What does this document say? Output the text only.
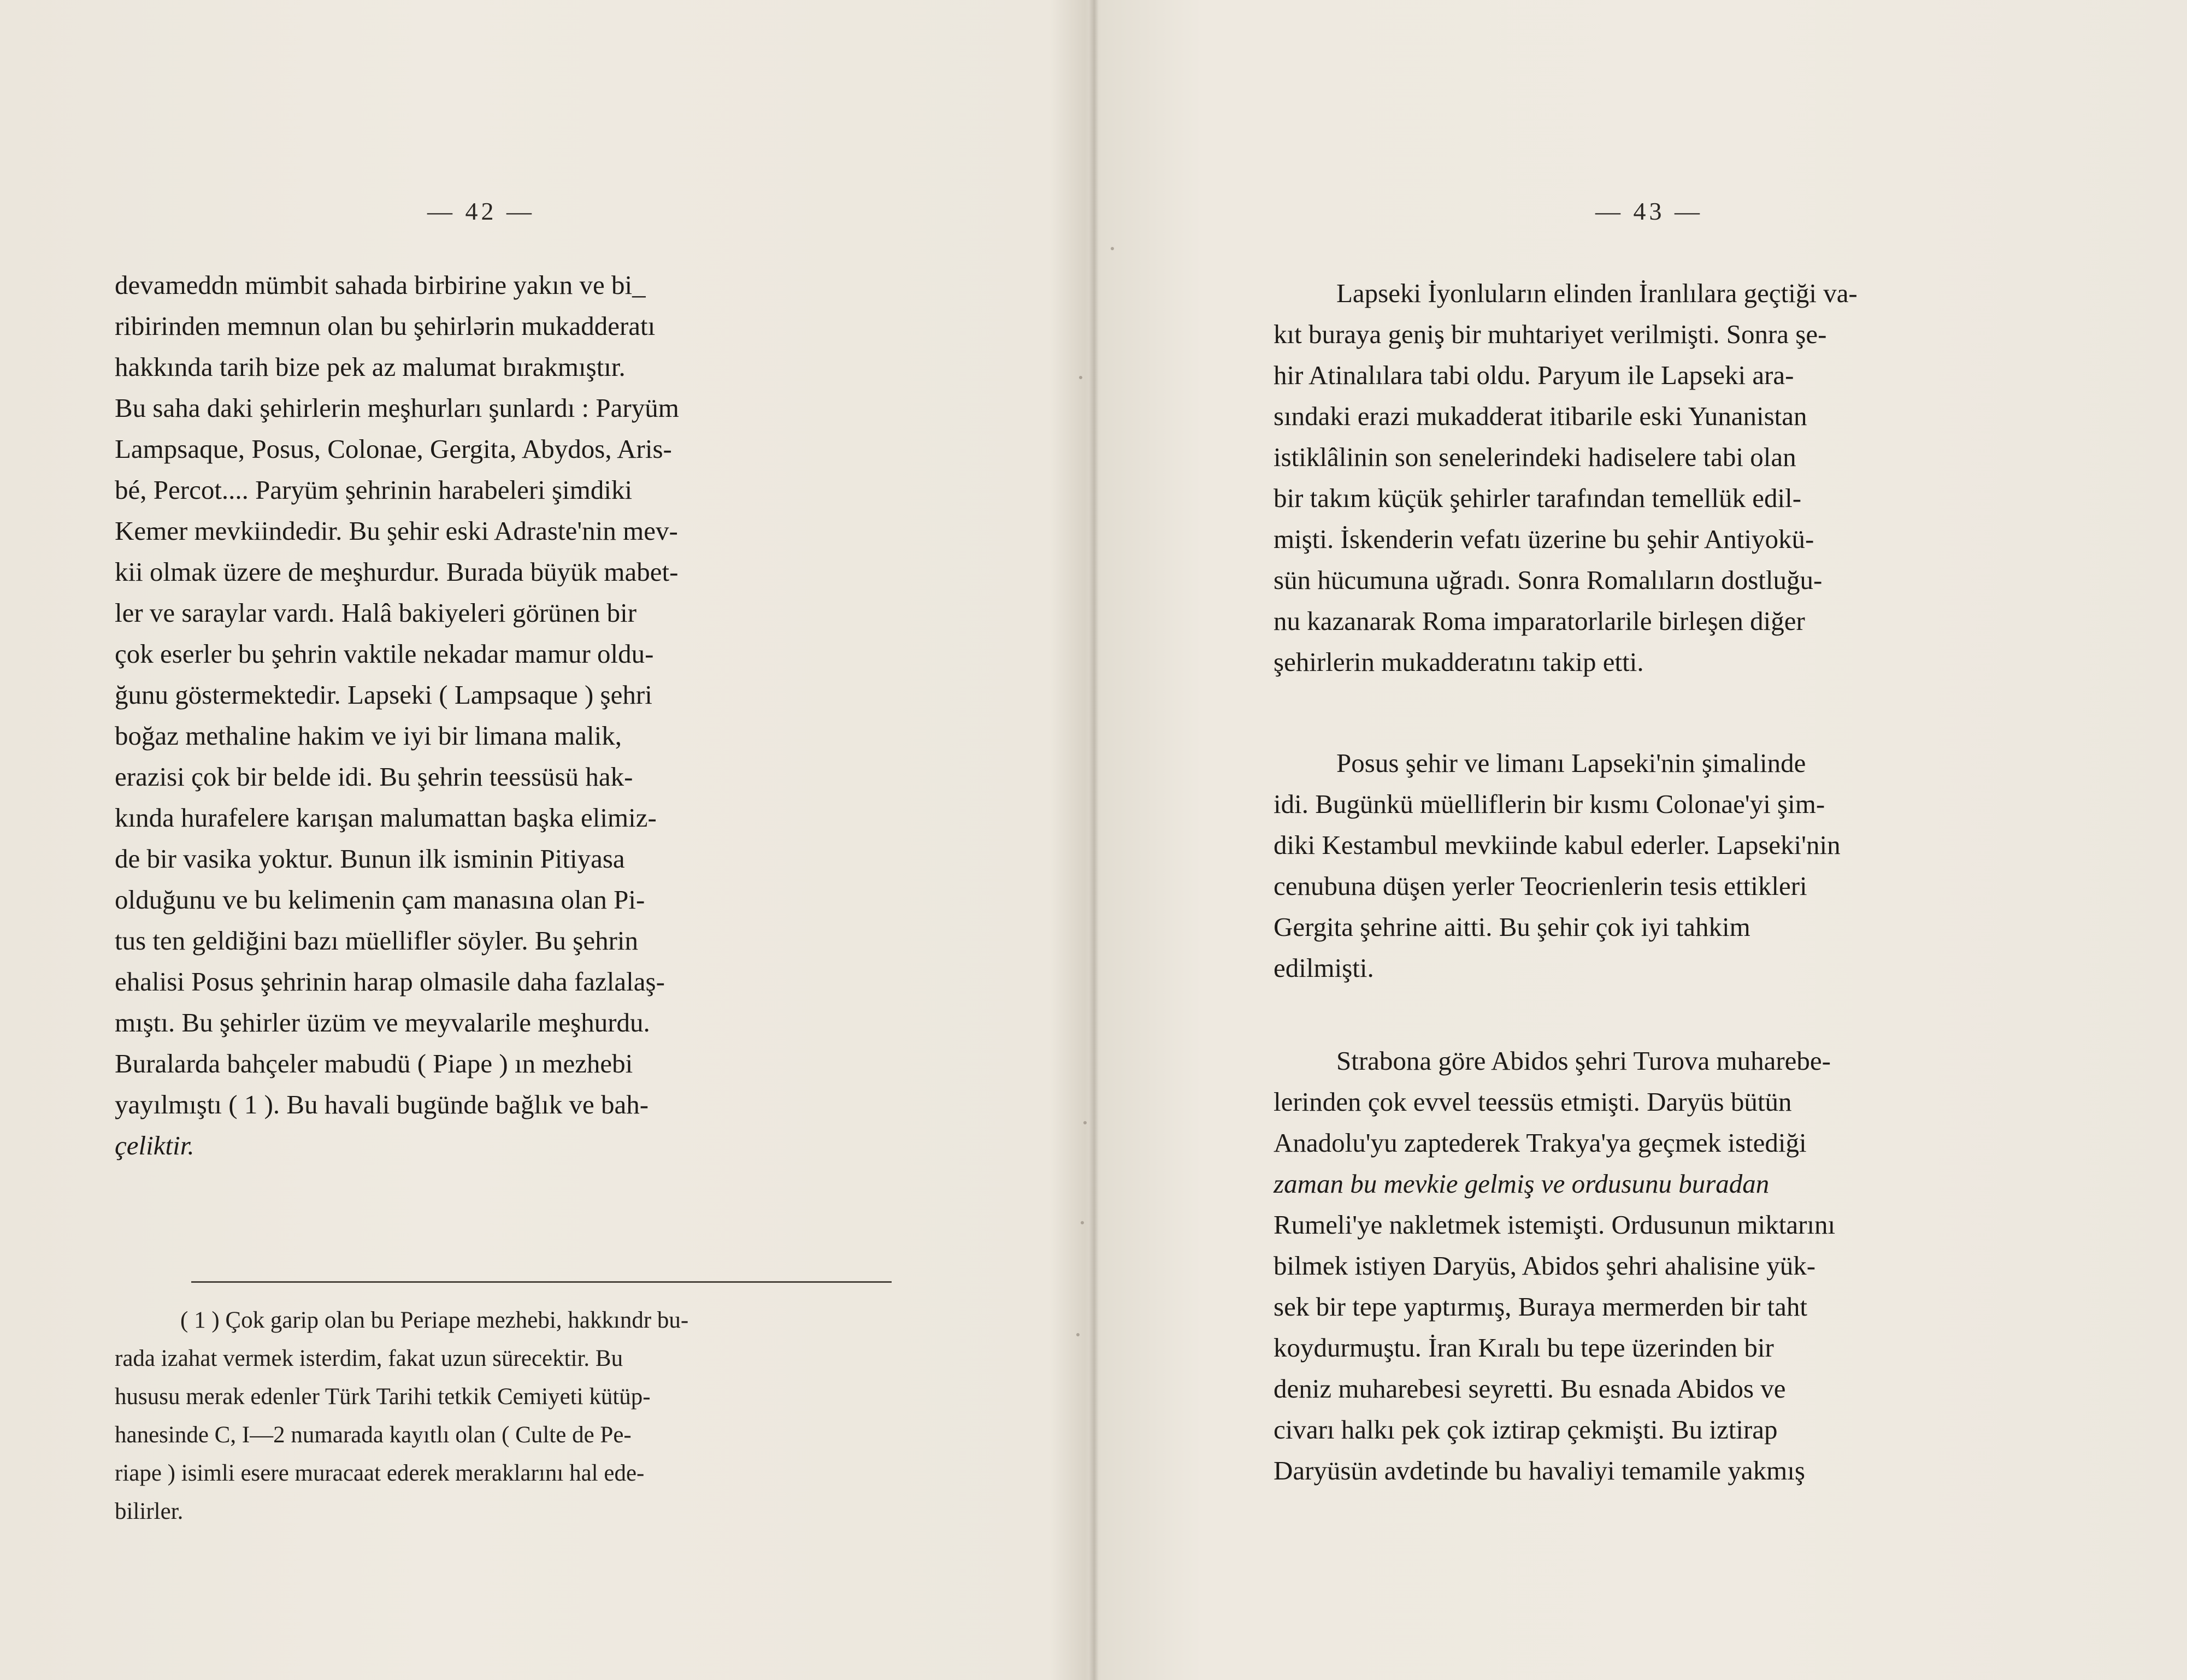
— 42 —
devameddn mümbit sahada birbirine yakın ve bi_
ribirinden memnun olan bu şehirlərin mukadderatı
hakkında tarih bize pek az malumat bırakmıştır.
Bu saha daki şehirlerin meşhurları şunlardı : Paryüm
Lampsaque, Posus, Colonae, Gergita, Abydos, Aris-
bé, Percot.... Paryüm şehrinin harabeleri şimdiki
Kemer mevkiindedir. Bu şehir eski Adraste'nin mev-
kii olmak üzere de meşhurdur. Burada büyük mabet-
ler ve saraylar vardı. Halâ bakiyeleri görünen bir
çok eserler bu şehrin vaktile nekadar mamur oldu-
ğunu göstermektedir. Lapseki ( Lampsaque ) şehri
boğaz methaline hakim ve iyi bir limana malik,
erazisi çok bir belde idi. Bu şehrin teessüsü hak-
kında hurafelere karışan malumattan başka elimiz-
de bir vasika yoktur. Bunun ilk isminin Pitiyasa
olduğunu ve bu kelimenin çam manasına olan Pi-
tus ten geldiğini bazı müellifler söyler. Bu şehrin
ehalisi Posus şehrinin harap olmasile daha fazlalaş-
mıştı. Bu şehirler üzüm ve meyvalarile meşhurdu.
Buralarda bahçeler mabudü ( Piape ) ın mezhebi
yayılmıştı ( 1 ). Bu havali bugünde bağlık ve bah-
çeliktir.
( 1 ) Çok garip olan bu Periape mezhebi, hakkındr bu-
rada izahat vermek isterdim, fakat uzun sürecektir. Bu
hususu merak edenler Türk Tarihi tetkik Cemiyeti kütüp-
hanesinde C, I—2 numarada kayıtlı olan ( Culte de Pe-
riape ) isimli esere muracaat ederek meraklarını hal ede-
bilirler.
— 43 —
Lapseki İyonluların elinden İranlılara geçtiği va-
kıt buraya geniş bir muhtariyet verilmişti. Sonra şe-
hir Atinalılara tabi oldu. Paryum ile Lapseki ara-
sındaki erazi mukadderat itibarile eski Yunanistan
istiklâlinin son senelerindeki hadiselere tabi olan
bir takım küçük şehirler tarafından temellük edil-
mişti. İskenderin vefatı üzerine bu şehir Antiyokü-
sün hücumuna uğradı. Sonra Romalıların dostluğu-
nu kazanarak Roma imparatorlarile birleşen diğer
şehirlerin mukadderatını takip etti.
Posus şehir ve limanı Lapseki'nin şimalinde
idi. Bugünkü müelliflerin bir kısmı Colonae'yi şim-
diki Kestambul mevkiinde kabul ederler. Lapseki'nin
cenubuna düşen yerler Teocrienlerin tesis ettikleri
Gergita şehrine aitti. Bu şehir çok iyi tahkim
edilmişti.
Strabona göre Abidos şehri Turova muharebe-
lerinden çok evvel teessüs etmişti. Daryüs bütün
Anadolu'yu zaptederek Trakya'ya geçmek istediği
zaman bu mevkie gelmiş ve ordusunu buradan
Rumeli'ye nakletmek istemişti. Ordusunun miktarını
bilmek istiyen Daryüs, Abidos şehri ahalisine yük-
sek bir tepe yaptırmış, Buraya mermerden bir taht
koydurmuştu. İran Kıralı bu tepe üzerinden bir
deniz muharebesi seyretti. Bu esnada Abidos ve
civarı halkı pek çok iztirap çekmişti. Bu iztirap
Daryüsün avdetinde bu havaliyi temamile yakmış
